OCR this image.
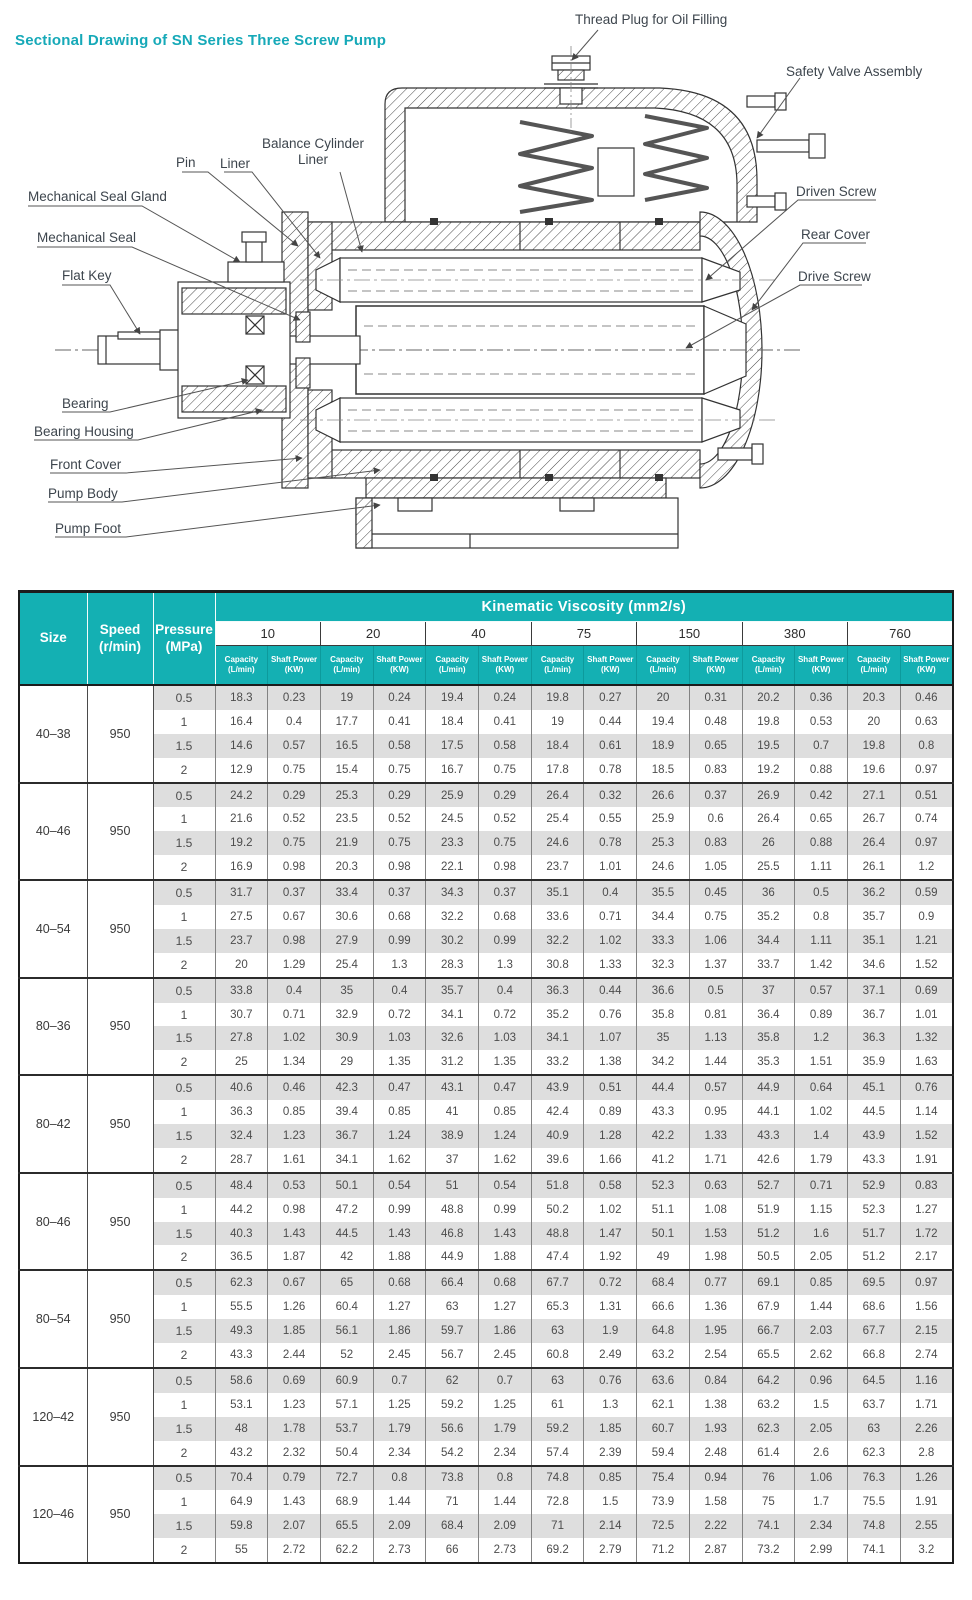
Sectional Drawing of SN Series Three Screw Pump
Thread Plug for Oil Filling
Safety Valve Assembly
Balance Cylinder Liner
Pin Liner
Mechanical Seal Gland
Mechanical Seal
Flat Key
Driven Screw
Rear Cover
Drive Screw
Bearing
Bearing Housing
Front Cover
Pump Body
Pump Foot
Size	Speed (r/min)	Pressure (MPa)	Kinematic Viscosity (mm2/s)													
			10		20		40		75		150		380		760	
			Capacity (L/min)	Shaft Power (KW)	Capacity (L/min)	Shaft Power (KW)	Capacity (L/min)	Shaft Power (KW)	Capacity (L/min)	Shaft Power (KW)	Capacity (L/min)	Shaft Power (KW)	Capacity (L/min)	Shaft Power (KW)	Capacity (L/min)	Shaft Power (KW)
40–38	950	0.5	18.3	0.23	19	0.24	19.4	0.24	19.8	0.27	20	0.31	20.2	0.36	20.3	0.46
		1	16.4	0.4	17.7	0.41	18.4	0.41	19	0.44	19.4	0.48	19.8	0.53	20	0.63
		1.5	14.6	0.57	16.5	0.58	17.5	0.58	18.4	0.61	18.9	0.65	19.5	0.7	19.8	0.8
		2	12.9	0.75	15.4	0.75	16.7	0.75	17.8	0.78	18.5	0.83	19.2	0.88	19.6	0.97
40–46	950	0.5	24.2	0.29	25.3	0.29	25.9	0.29	26.4	0.32	26.6	0.37	26.9	0.42	27.1	0.51
		1	21.6	0.52	23.5	0.52	24.5	0.52	25.4	0.55	25.9	0.6	26.4	0.65	26.7	0.74
		1.5	19.2	0.75	21.9	0.75	23.3	0.75	24.6	0.78	25.3	0.83	26	0.88	26.4	0.97
		2	16.9	0.98	20.3	0.98	22.1	0.98	23.7	1.01	24.6	1.05	25.5	1.11	26.1	1.2
40–54	950	0.5	31.7	0.37	33.4	0.37	34.3	0.37	35.1	0.4	35.5	0.45	36	0.5	36.2	0.59
		1	27.5	0.67	30.6	0.68	32.2	0.68	33.6	0.71	34.4	0.75	35.2	0.8	35.7	0.9
		1.5	23.7	0.98	27.9	0.99	30.2	0.99	32.2	1.02	33.3	1.06	34.4	1.11	35.1	1.21
		2	20	1.29	25.4	1.3	28.3	1.3	30.8	1.33	32.3	1.37	33.7	1.42	34.6	1.52
80–36	950	0.5	33.8	0.4	35	0.4	35.7	0.4	36.3	0.44	36.6	0.5	37	0.57	37.1	0.69
		1	30.7	0.71	32.9	0.72	34.1	0.72	35.2	0.76	35.8	0.81	36.4	0.89	36.7	1.01
		1.5	27.8	1.02	30.9	1.03	32.6	1.03	34.1	1.07	35	1.13	35.8	1.2	36.3	1.32
		2	25	1.34	29	1.35	31.2	1.35	33.2	1.38	34.2	1.44	35.3	1.51	35.9	1.63
80–42	950	0.5	40.6	0.46	42.3	0.47	43.1	0.47	43.9	0.51	44.4	0.57	44.9	0.64	45.1	0.76
		1	36.3	0.85	39.4	0.85	41	0.85	42.4	0.89	43.3	0.95	44.1	1.02	44.5	1.14
		1.5	32.4	1.23	36.7	1.24	38.9	1.24	40.9	1.28	42.2	1.33	43.3	1.4	43.9	1.52
		2	28.7	1.61	34.1	1.62	37	1.62	39.6	1.66	41.2	1.71	42.6	1.79	43.3	1.91
80–46	950	0.5	48.4	0.53	50.1	0.54	51	0.54	51.8	0.58	52.3	0.63	52.7	0.71	52.9	0.83
		1	44.2	0.98	47.2	0.99	48.8	0.99	50.2	1.02	51.1	1.08	51.9	1.15	52.3	1.27
		1.5	40.3	1.43	44.5	1.43	46.8	1.43	48.8	1.47	50.1	1.53	51.2	1.6	51.7	1.72
		2	36.5	1.87	42	1.88	44.9	1.88	47.4	1.92	49	1.98	50.5	2.05	51.2	2.17
80–54	950	0.5	62.3	0.67	65	0.68	66.4	0.68	67.7	0.72	68.4	0.77	69.1	0.85	69.5	0.97
		1	55.5	1.26	60.4	1.27	63	1.27	65.3	1.31	66.6	1.36	67.9	1.44	68.6	1.56
		1.5	49.3	1.85	56.1	1.86	59.7	1.86	63	1.9	64.8	1.95	66.7	2.03	67.7	2.15
		2	43.3	2.44	52	2.45	56.7	2.45	60.8	2.49	63.2	2.54	65.5	2.62	66.8	2.74
120–42	950	0.5	58.6	0.69	60.9	0.7	62	0.7	63	0.76	63.6	0.84	64.2	0.96	64.5	1.16
		1	53.1	1.23	57.1	1.25	59.2	1.25	61	1.3	62.1	1.38	63.2	1.5	63.7	1.71
		1.5	48	1.78	53.7	1.79	56.6	1.79	59.2	1.85	60.7	1.93	62.3	2.05	63	2.26
		2	43.2	2.32	50.4	2.34	54.2	2.34	57.4	2.39	59.4	2.48	61.4	2.6	62.3	2.8
120–46	950	0.5	70.4	0.79	72.7	0.8	73.8	0.8	74.8	0.85	75.4	0.94	76	1.06	76.3	1.26
		1	64.9	1.43	68.9	1.44	71	1.44	72.8	1.5	73.9	1.58	75	1.7	75.5	1.91
		1.5	59.8	2.07	65.5	2.09	68.4	2.09	71	2.14	72.5	2.22	74.1	2.34	74.8	2.55
		2	55	2.72	62.2	2.73	66	2.73	69.2	2.79	71.2	2.87	73.2	2.99	74.1	3.2
